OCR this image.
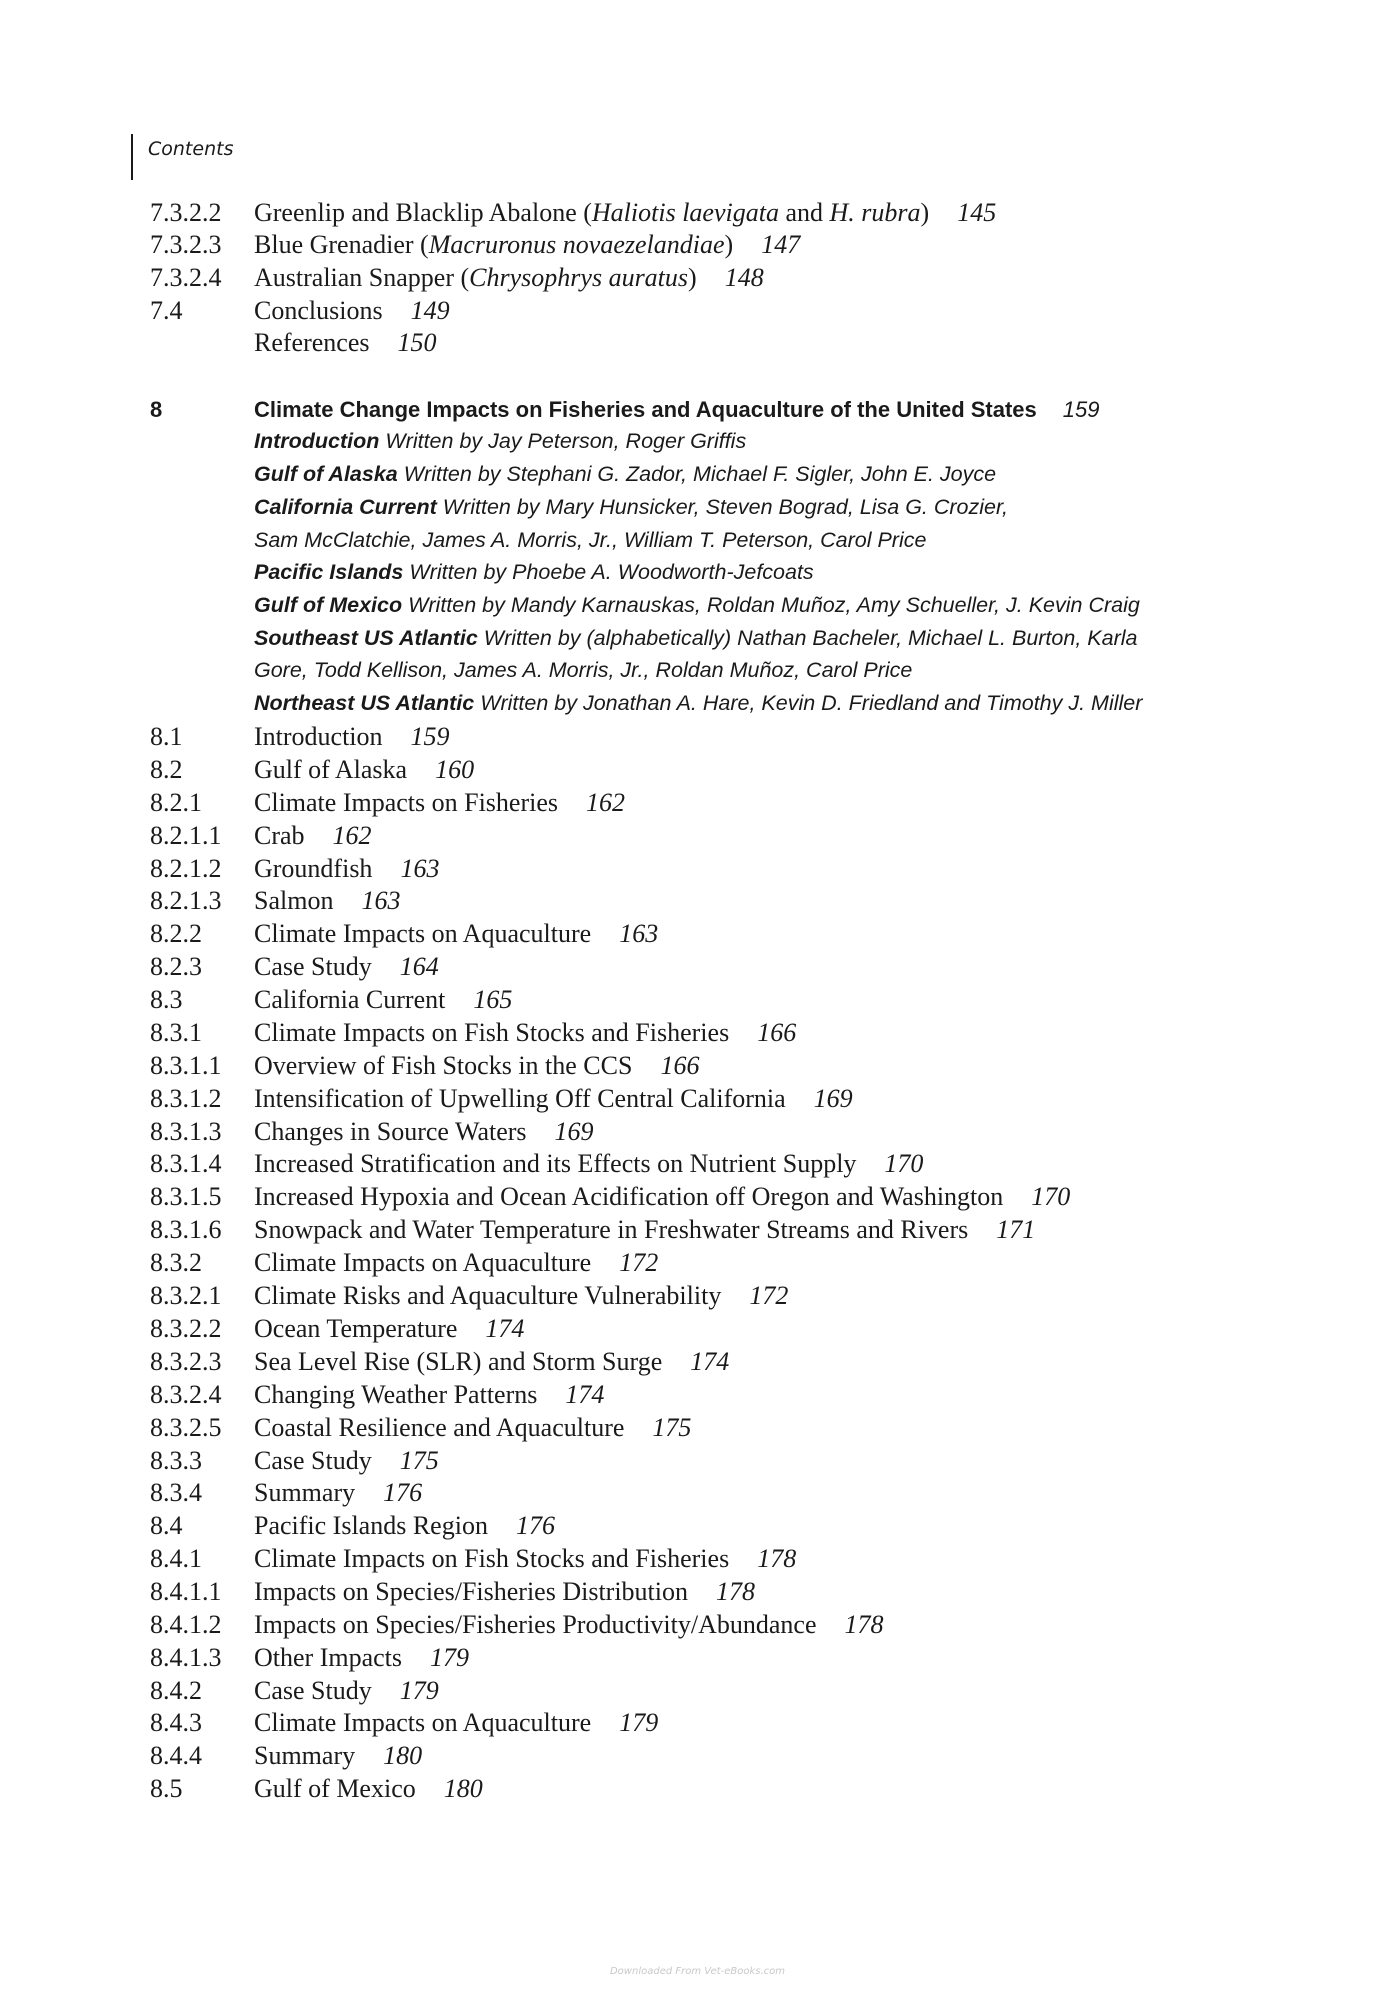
Contents
7.3.2.2 Greenlip and Blacklip Abalone (Haliotis laevigata and H. rubra) 145
7.3.2.3 Blue Grenadier (Macruronus novaezelandiae) 147
7.3.2.4 Australian Snapper (Chrysophrys auratus) 148
7.4	Conclusions 149
References 150
8	Climate Change Impacts on Fisheries and Aquaculture of the United States 159
Introduction Written by Jay Peterson, Roger Griffis
Gulf of Alaska Written by Stephani G. Zador, Michael F. Sigler, John E. Joyce
California Current Written by Mary Hunsicker, Steven Bograd, Lisa G. Crozier,
Sam McClatchie, James A. Morris, Jr., William T. Peterson, Carol Price
Pacific Islands Written by Phoebe A. Woodworth-Jefcoats
Gulf of Mexico Written by Mandy Karnauskas, Roldan Muñoz, Amy Schueller, J. Kevin Craig
Southeast US Atlantic Written by (alphabetically) Nathan Bacheler, Michael L. Burton, Karla
Gore, Todd Kellison, James A. Morris, Jr., Roldan Muñoz, Carol Price
Northeast US Atlantic Written by Jonathan A. Hare, Kevin D. Friedland and Timothy J. Miller
8.1	Introduction 159
8.2	Gulf of Alaska 160
8.2.1 Climate Impacts on Fisheries 162
8.2.1.1 Crab 162
8.2.1.2 Groundfish 163
8.2.1.3 Salmon 163
8.2.2 Climate Impacts on Aquaculture 163
8.2.3 Case Study 164
8.3	California Current 165
8.3.1 Climate Impacts on Fish Stocks and Fisheries 166
8.3.1.1 Overview of Fish Stocks in the CCS 166
8.3.1.2 Intensification of Upwelling Off Central California 169
8.3.1.3 Changes in Source Waters 169
8.3.1.4 Increased Stratification and its Effects on Nutrient Supply 170
8.3.1.5 Increased Hypoxia and Ocean Acidification off Oregon and Washington 170
8.3.1.6 Snowpack and Water Temperature in Freshwater Streams and Rivers 171
8.3.2 Climate Impacts on Aquaculture 172
8.3.2.1 Climate Risks and Aquaculture Vulnerability 172
8.3.2.2 Ocean Temperature 174
8.3.2.3 Sea Level Rise (SLR) and Storm Surge 174
8.3.2.4 Changing Weather Patterns 174
8.3.2.5 Coastal Resilience and Aquaculture 175
8.3.3 Case Study 175
8.3.4 Summary 176
8.4	Pacific Islands Region 176
8.4.1 Climate Impacts on Fish Stocks and Fisheries 178
8.4.1.1 Impacts on Species/Fisheries Distribution 178
8.4.1.2 Impacts on Species/Fisheries Productivity/Abundance 178
8.4.1.3 Other Impacts 179
8.4.2 Case Study 179
8.4.3 Climate Impacts on Aquaculture 179
8.4.4 Summary 180
8.5	Gulf of Mexico 180
Downloaded From Vet-eBooks.com
